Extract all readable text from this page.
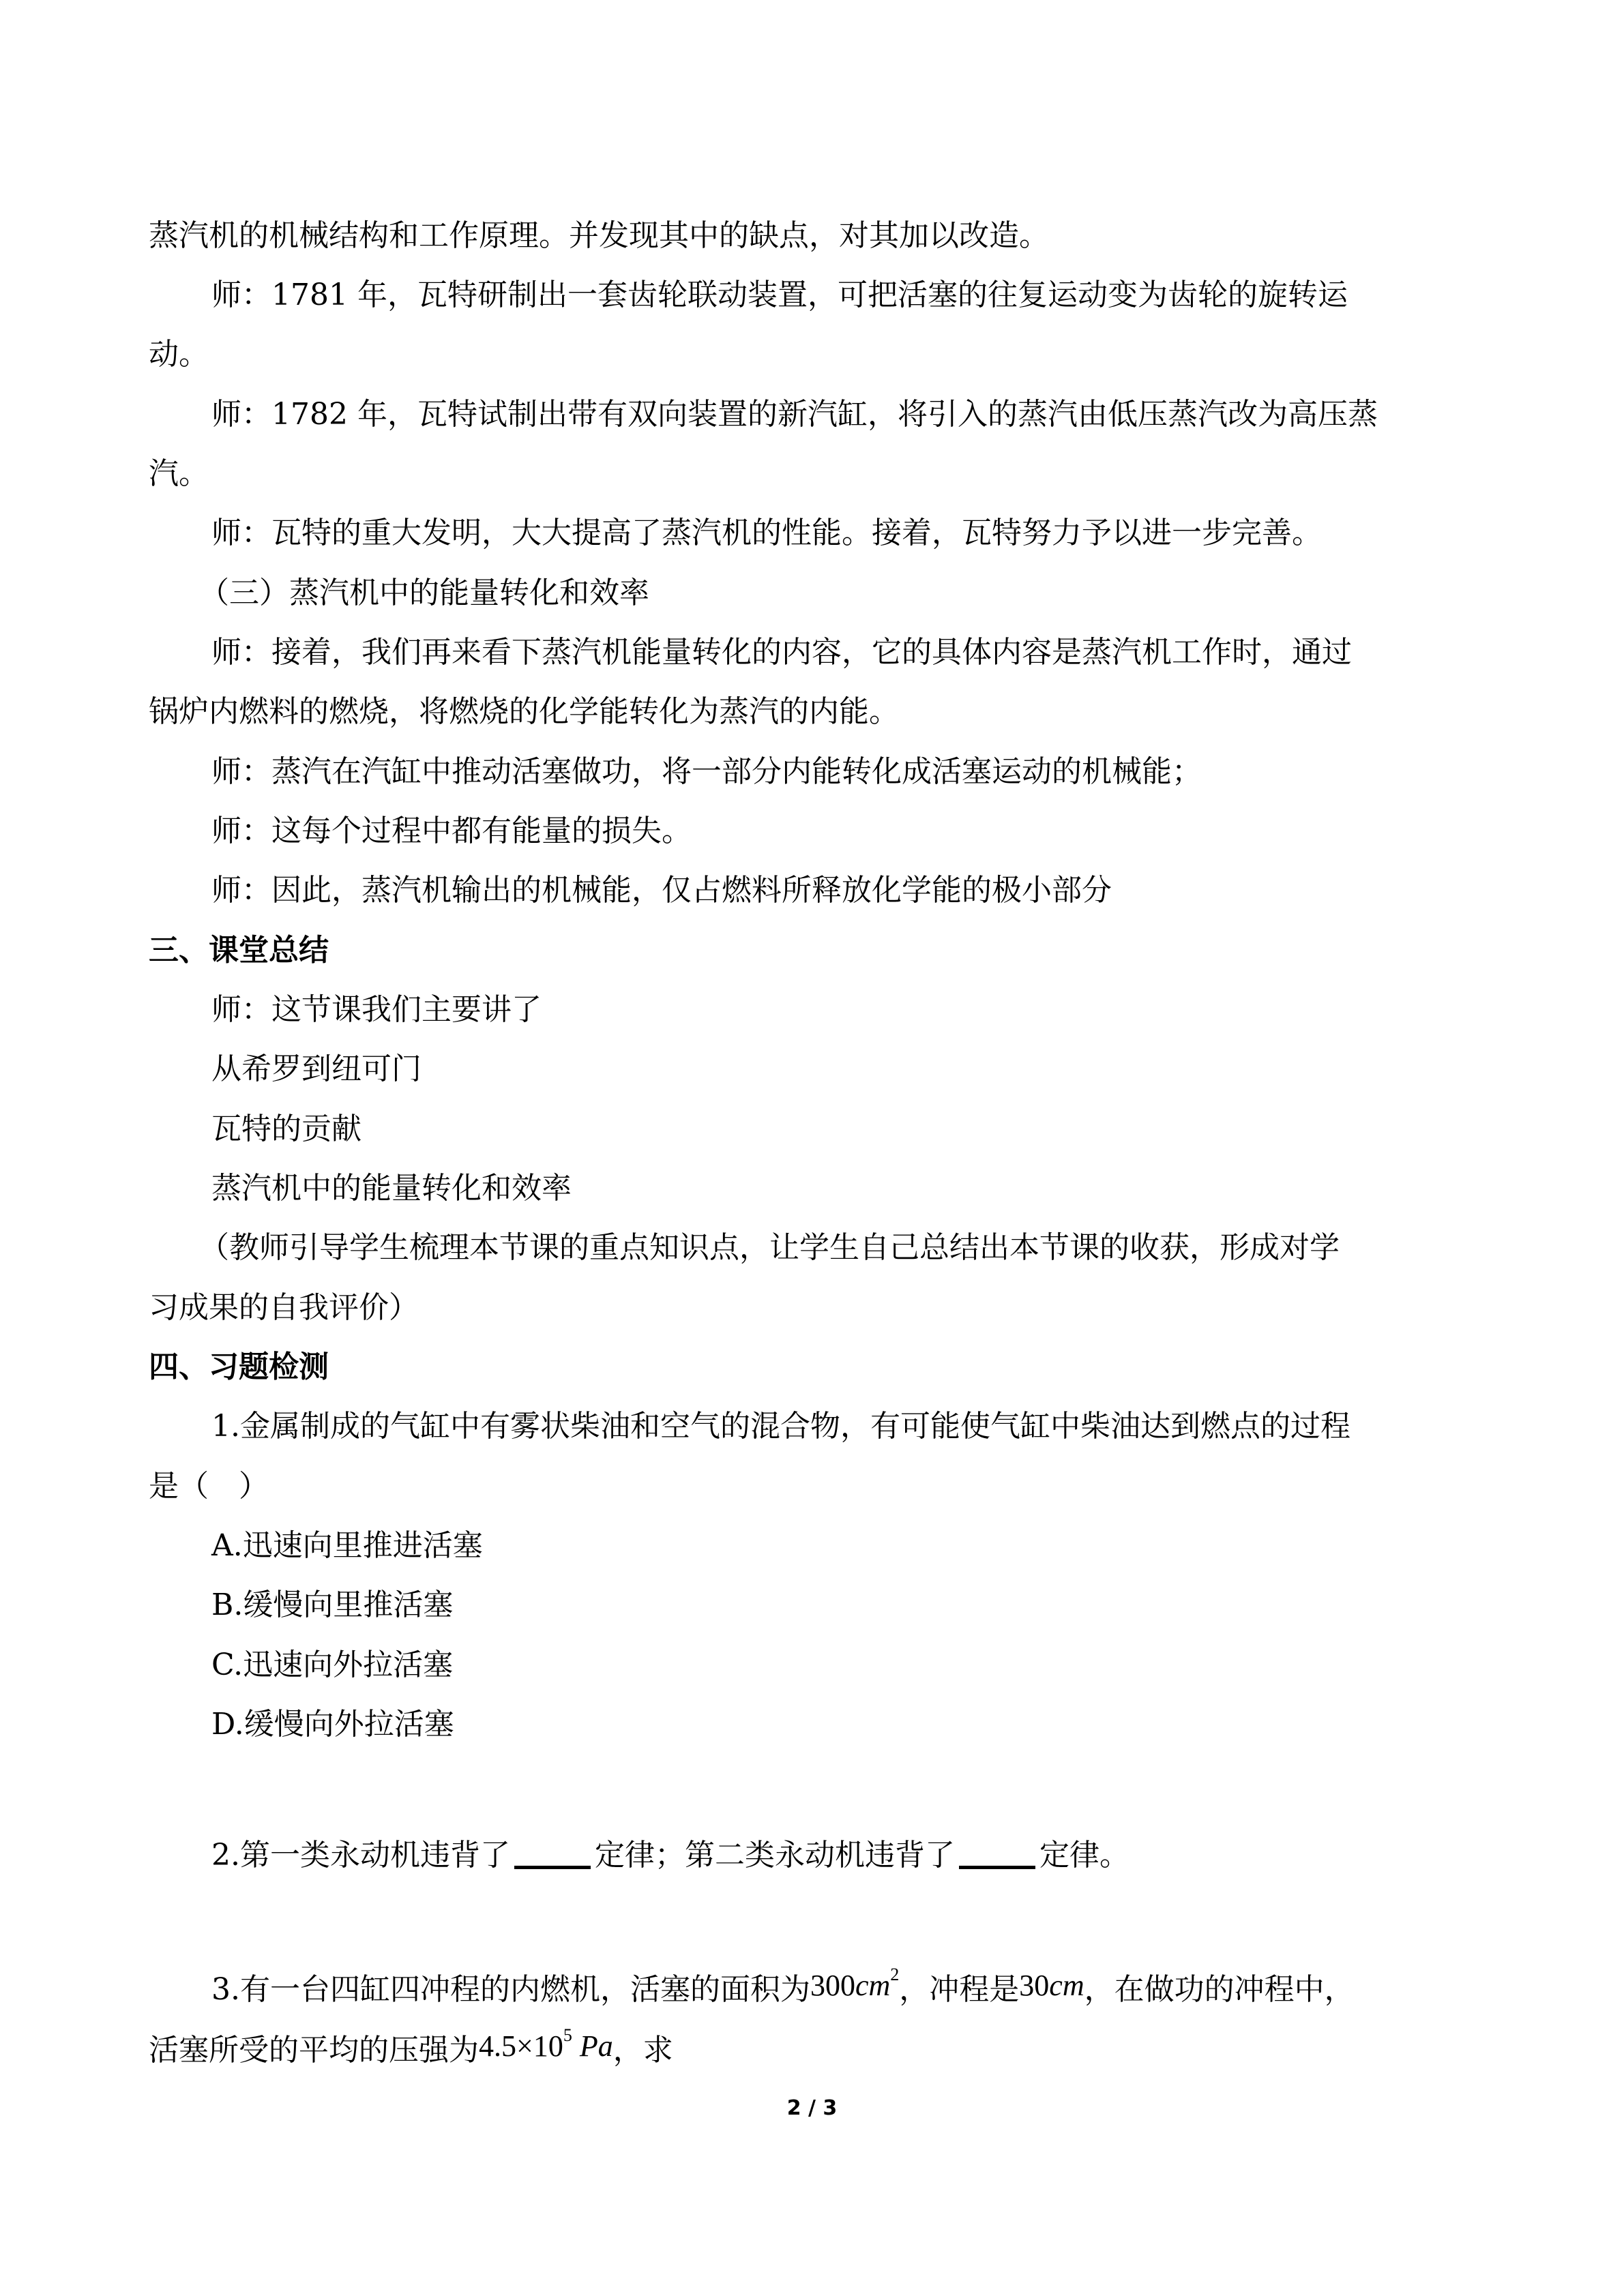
蒸汽机的机械结构和工作原理。并发现其中的缺点，对其加以改造。
师：1781 年，瓦特研制出一套齿轮联动装置，可把活塞的往复运动变为齿轮的旋转运
动。
师：1782 年，瓦特试制出带有双向装置的新汽缸，将引入的蒸汽由低压蒸汽改为高压蒸
汽。
师：瓦特的重大发明，大大提高了蒸汽机的性能。接着，瓦特努力予以进一步完善。
（三）蒸汽机中的能量转化和效率
师：接着，我们再来看下蒸汽机能量转化的内容，它的具体内容是蒸汽机工作时，通过
锅炉内燃料的燃烧，将燃烧的化学能转化为蒸汽的内能。
师：蒸汽在汽缸中推动活塞做功，将一部分内能转化成活塞运动的机械能；
师：这每个过程中都有能量的损失。
师：因此，蒸汽机输出的机械能，仅占燃料所释放化学能的极小部分
三、课堂总结
师：这节课我们主要讲了
从希罗到纽可门
瓦特的贡献
蒸汽机中的能量转化和效率
（教师引导学生梳理本节课的重点知识点，让学生自己总结出本节课的收获，形成对学
习成果的自我评价）
四、习题检测
1.金属制成的气缸中有雾状柴油和空气的混合物，有可能使气缸中柴油达到燃点的过程
是（　）
A.迅速向里推进活塞
B.缓慢向里推活塞
C.迅速向外拉活塞
D.缓慢向外拉活塞
2.第一类永动机违背了	定律；第二类永动机违背了	定律。
3.有一台四缸四冲程的内燃机，活塞的面积为$300cm^2$，冲程是30cm，在做功的冲程中，
活塞所受的平均的压强为$4.5\times 10^5$ Pa，求
2 / 3
